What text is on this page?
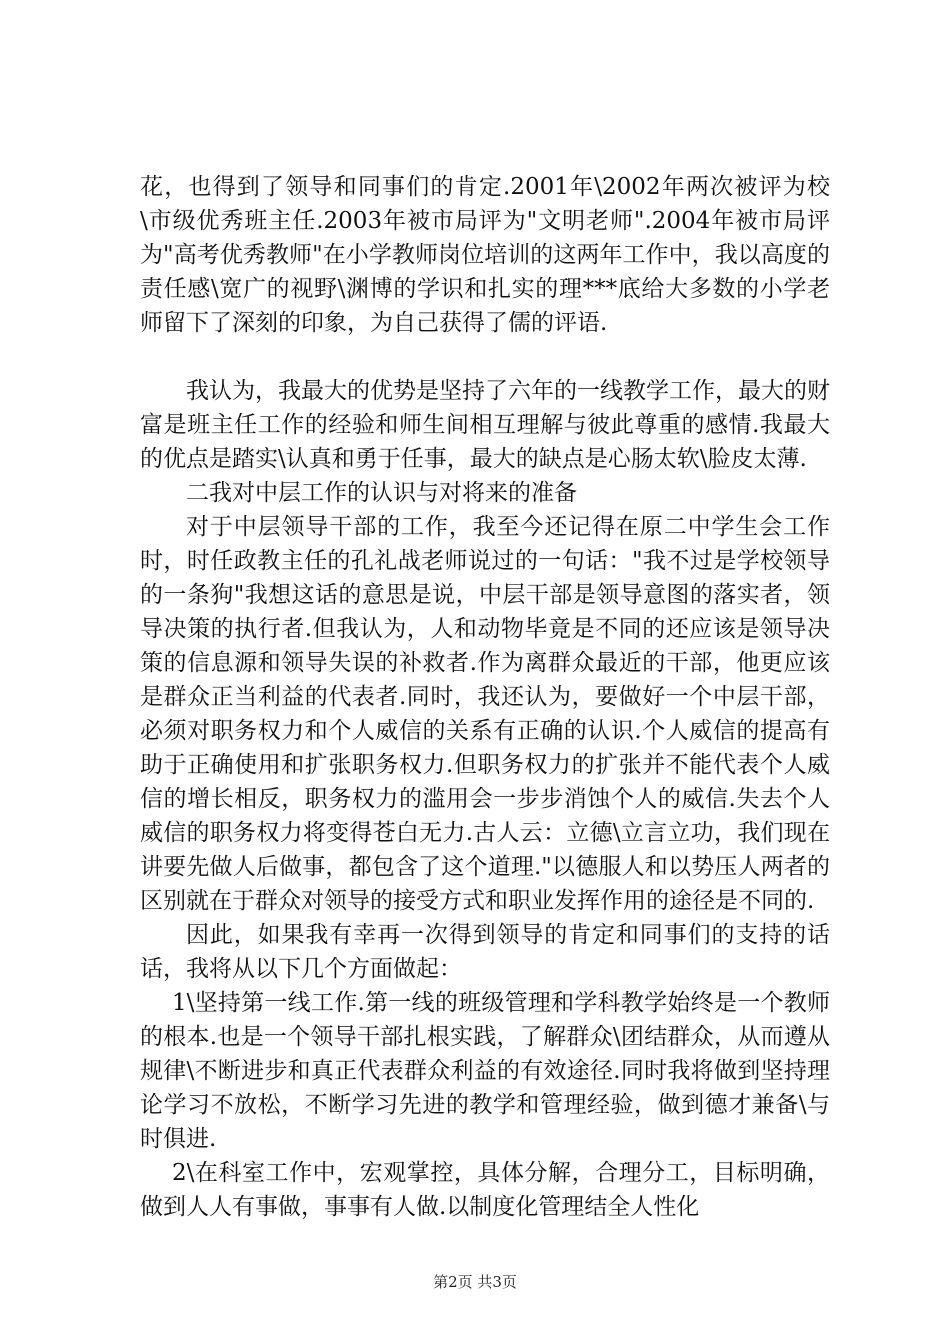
花，也得到了领导和同事们的肯定.2001年\2002年两次被评为校\市级优秀班主任.2003年被市局评为"文明老师".2004年被市局评为"高考优秀教师"在小学教师岗位培训的这两年工作中，我以高度的责任感\宽广的视野\渊博的学识和扎实的理***底给大多数的小学老师留下了深刻的印象，为自己获得了儒的评语.

我认为，我最大的优势是坚持了六年的一线教学工作，最大的财富是班主任工作的经验和师生间相互理解与彼此尊重的感情.我最大的优点是踏实\认真和勇于任事，最大的缺点是心肠太软\脸皮太薄.

二我对中层工作的认识与对将来的准备

对于中层领导干部的工作，我至今还记得在原二中学生会工作时，时任政教主任的孔礼战老师说过的一句话："我不过是学校领导的一条狗"我想这话的意思是说，中层干部是领导意图的落实者，领导决策的执行者.但我认为，人和动物毕竟是不同的还应该是领导决策的信息源和领导失误的补救者.作为离群众最近的干部，他更应该是群众正当利益的代表者.同时，我还认为，要做好一个中层干部，必须对职务权力和个人威信的关系有正确的认识.个人威信的提高有助于正确使用和扩张职务权力.但职务权力的扩张并不能代表个人威信的增长相反，职务权力的滥用会一步步消蚀个人的威信.失去个人威信的职务权力将变得苍白无力.古人云：立德\立言立功，我们现在讲要先做人后做事，都包含了这个道理."以德服人和以势压人两者的区别就在于群众对领导的接受方式和职业发挥作用的途径是不同的.

因此，如果我有幸再一次得到领导的肯定和同事们的支持的话话，我将从以下几个方面做起：

1\坚持第一线工作.第一线的班级管理和学科教学始终是一个教师的根本.也是一个领导干部扎根实践，了解群众\团结群众，从而遵从规律\不断进步和真正代表群众利益的有效途径.同时我将做到坚持理论学习不放松，不断学习先进的教学和管理经验，做到德才兼备\与时俱进.

2\在科室工作中，宏观掌控，具体分解，合理分工，目标明确，做到人人有事做，事事有人做.以制度化管理结全人性化

第2页 共3页
